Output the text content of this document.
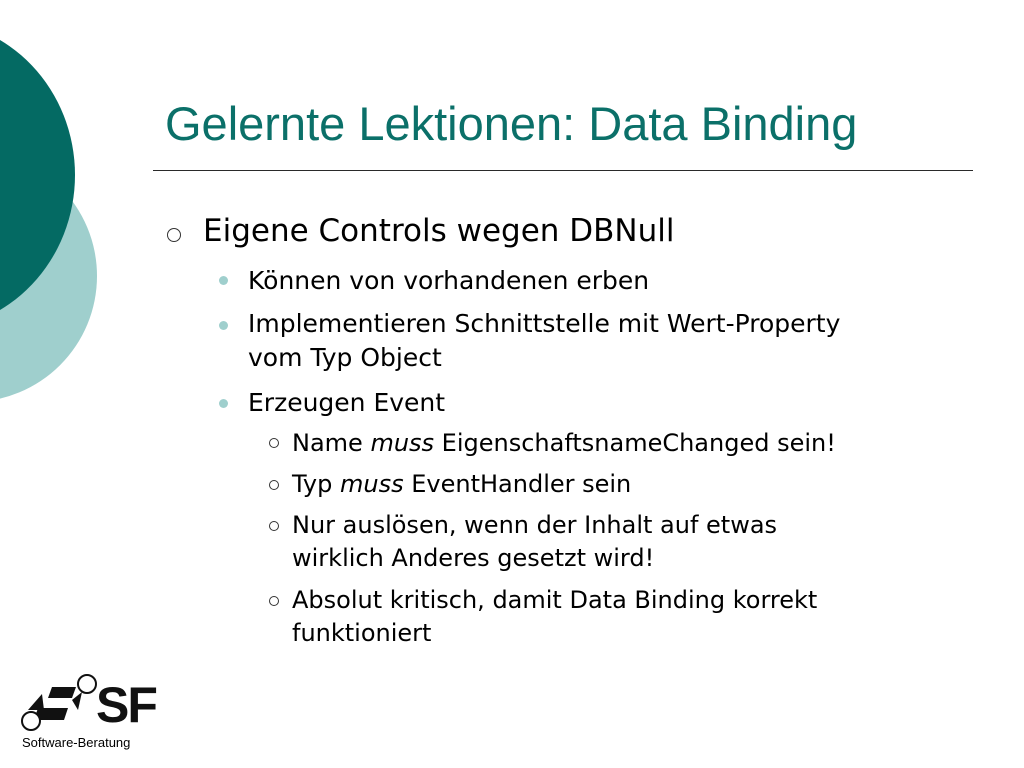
Gelernte Lektionen: Data Binding
Eigene Controls wegen DBNull
Können von vorhandenen erben
Implementieren Schnittstelle mit Wert-Property
vom Typ Object
Erzeugen Event
Name muss EigenschaftsnameChanged sein!
Typ muss EventHandler sein
Nur auslösen, wenn der Inhalt auf etwas
wirklich Anderes gesetzt wird!
Absolut kritisch, damit Data Binding korrekt
funktioniert
SF
Software-Beratung
